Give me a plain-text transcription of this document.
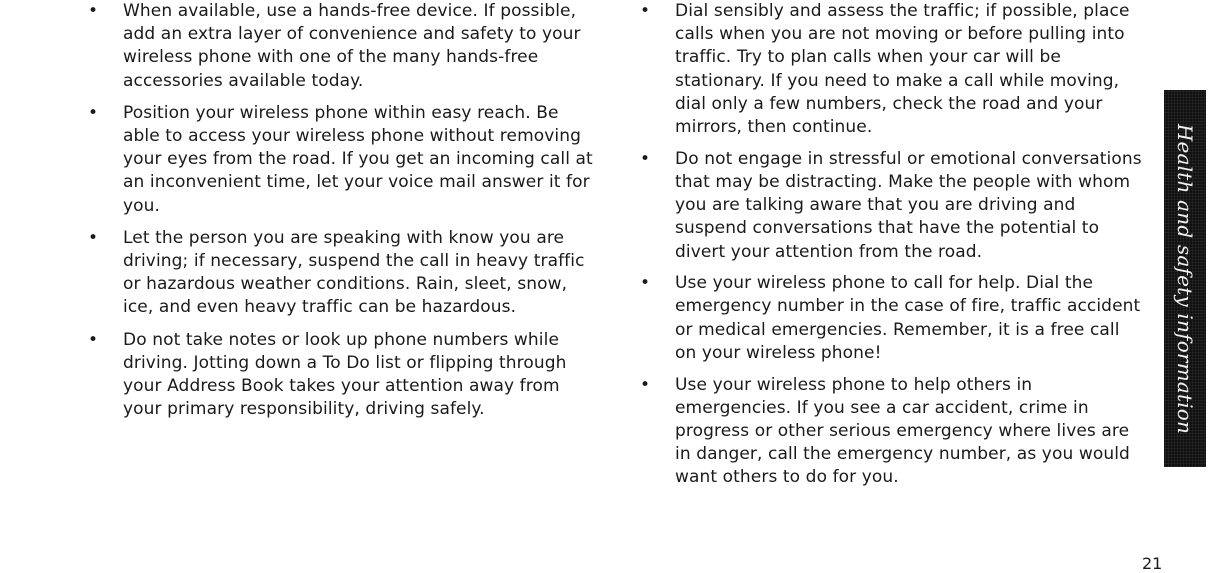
• When available, use a hands-free device. If possible, add an extra layer of convenience and safety to your wireless phone with one of the many hands-free accessories available today.
• Position your wireless phone within easy reach. Be able to access your wireless phone without removing your eyes from the road. If you get an incoming call at an inconvenient time, let your voice mail answer it for you.
• Let the person you are speaking with know you are driving; if necessary, suspend the call in heavy traffic or hazardous weather conditions. Rain, sleet, snow, ice, and even heavy traffic can be hazardous.
• Do not take notes or look up phone numbers while driving. Jotting down a To Do list or flipping through your Address Book takes your attention away from your primary responsibility, driving safely.
• Dial sensibly and assess the traffic; if possible, place calls when you are not moving or before pulling into traffic. Try to plan calls when your car will be stationary. If you need to make a call while moving, dial only a few numbers, check the road and your mirrors, then continue.
• Do not engage in stressful or emotional conversations that may be distracting. Make the people with whom you are talking aware that you are driving and suspend conversations that have the potential to divert your attention from the road.
• Use your wireless phone to call for help. Dial the emergency number in the case of fire, traffic accident or medical emergencies. Remember, it is a free call on your wireless phone!
• Use your wireless phone to help others in emergencies. If you see a car accident, crime in progress or other serious emergency where lives are in danger, call the emergency number, as you would want others to do for you.
Health and safety information
21
